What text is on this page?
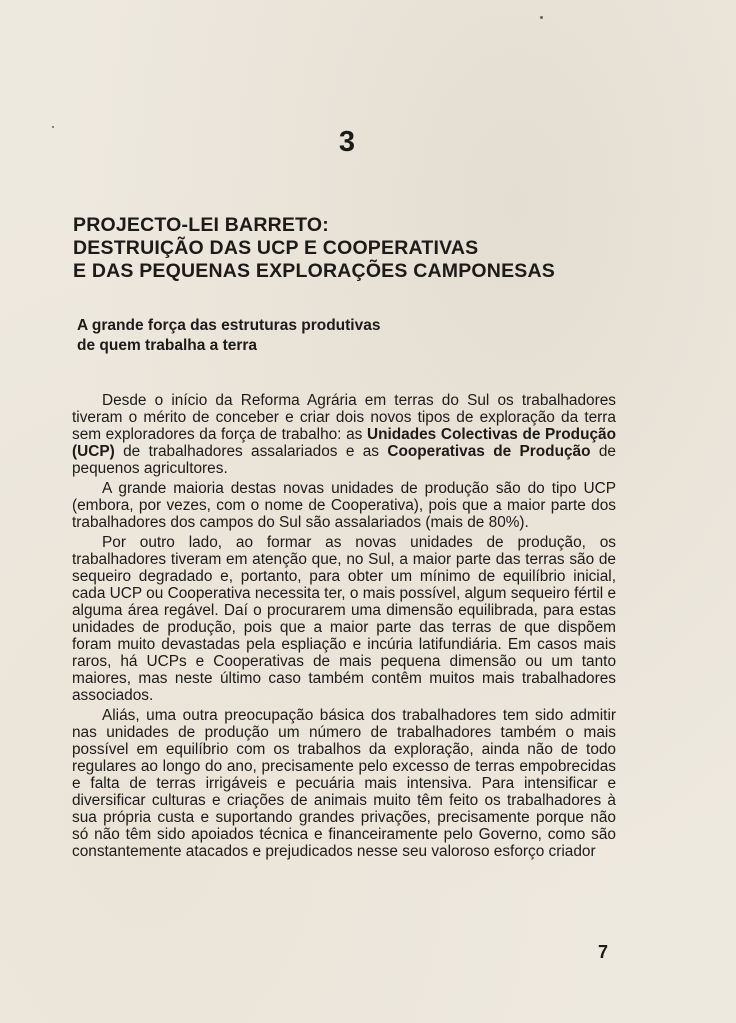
3
PROJECTO-LEI BARRETO:
DESTRUIÇÃO DAS UCP E COOPERATIVAS
E DAS PEQUENAS EXPLORAÇÕES CAMPONESAS
A grande força das estruturas produtivas
de quem trabalha a terra

Desde o início da Reforma Agrária em terras do Sul os trabalhadores tiveram o mérito de conceber e criar dois novos tipos de exploração da terra sem exploradores da força de trabalho: as Unidades Colectivas de Produção (UCP) de trabalhadores assalariados e as Cooperativas de Produção de pequenos agricultores.

A grande maioria destas novas unidades de produção são do tipo UCP (embora, por vezes, com o nome de Cooperativa), pois que a maior parte dos trabalhadores dos campos do Sul são assalariados (mais de 80%).

Por outro lado, ao formar as novas unidades de produção, os trabalhadores tiveram em atenção que, no Sul, a maior parte das terras são de sequeiro degradado e, portanto, para obter um mínimo de equilíbrio inicial, cada UCP ou Cooperativa necessita ter, o mais possível, algum sequeiro fértil e alguma área regável. Daí o procurarem uma dimensão equilibrada, para estas unidades de produção, pois que a maior parte das terras de que dispõem foram muito devastadas pela espliação e incúria latifundiária. Em casos mais raros, há UCPs e Cooperativas de mais pequena dimensão ou um tanto maiores, mas neste último caso também contêm muitos mais trabalhadores associados.

Aliás, uma outra preocupação básica dos trabalhadores tem sido admitir nas unidades de produção um número de trabalhadores também o mais possível em equilíbrio com os trabalhos da exploração, ainda não de todo regulares ao longo do ano, precisamente pelo excesso de terras empobrecidas e falta de terras irrigáveis e pecuária mais intensiva. Para intensificar e diversificar culturas e criações de animais muito têm feito os trabalhadores à sua própria custa e suportando grandes privações, precisamente porque não só não têm sido apoiados técnica e financeiramente pelo Governo, como são constantemente atacados e prejudicados nesse seu valoroso esforço criador

7
